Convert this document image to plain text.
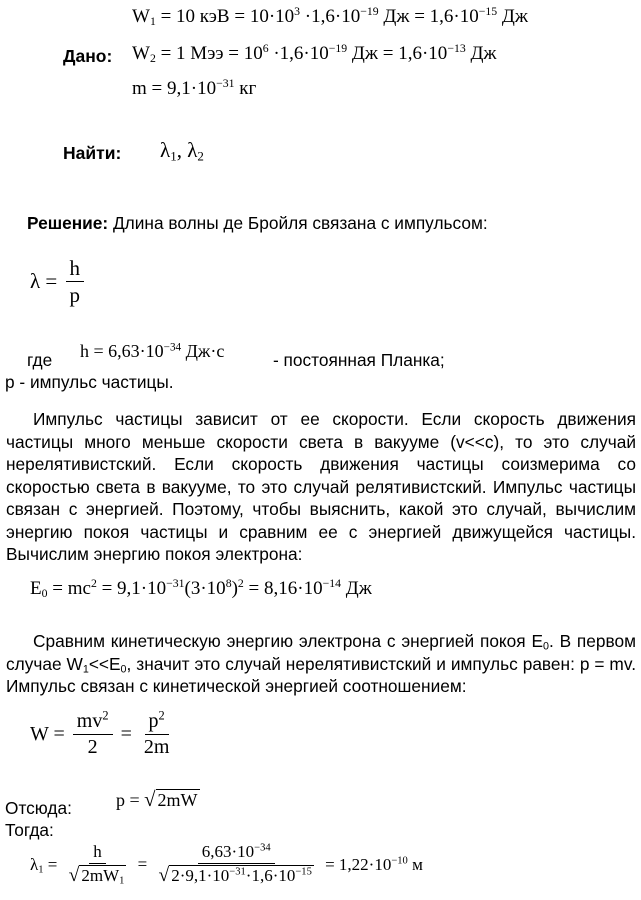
$W_1 = 10$ кэВ = $10\cdot 10^3 \cdot 1,6\cdot 10^{-19}$ Дж = $1,6\cdot 10^{-15}$ Дж
Дано: $W_2 = 1$ Мээ = $10^6 \cdot 1,6\cdot 10^{-19}$ Дж = $1,6\cdot 10^{-13}$ Дж
$m = 9,1\cdot 10^{-31}$ кг
Найти: $\lambda_1$, $\lambda_2$
Решение: Длина волны де Бройля связана с импульсом:
$\lambda = \frac{h}{p}$
где $h = 6,63\cdot 10^{-34}$ Дж·с	- постоянная Планка;
p - импульс частицы.

Импульс частицы зависит от ее скорости. Если скорость движения частицы много меньше скорости света в вакууме (v<<c), то это случай нерелятивистский. Если скорость движения частицы соизмерима со скоростью света в вакууме, то это случай релятивистский. Импульс частицы связан с энергией. Поэтому, чтобы выяснить, какой это случай, вычислим энергию покоя частицы и сравним ее с энергией движущейся частицы. Вычислим энергию покоя электрона:

$E_0 = mc^2 = 9,1\cdot 10^{-31}(3\cdot 10^8)^2 = 8,16\cdot 10^{-14}$ Дж

Сравним кинетическую энергию электрона с энергией покоя $E_0$. В первом случае $W_1<<E_0$, значит это случай нерелятивистский и импульс равен: p = mv. Импульс связан с кинетической энергией соотношением:

$W = \frac{mv^2}{2} = \frac{p^2}{2m}$
Отсюда: p = √ 2mW
Тогда:
$\lambda_1 = \frac{h}{√ 2mW_1} = \frac{6,63\cdot 10^{-34}}{√ 2\cdot 9,1\cdot 10^{-31}\cdot 1,6\cdot 10^{-15}} = 1,22\cdot 10^{-10}$ м
